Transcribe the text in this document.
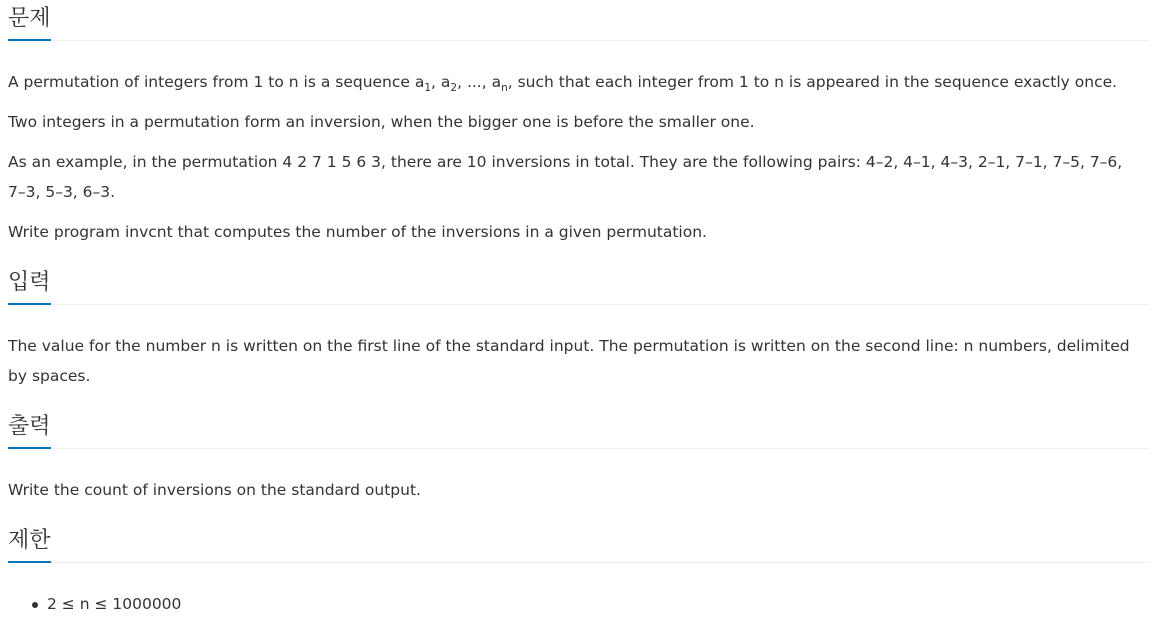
문제

A permutation of integers from 1 to n is a sequence $a_1$, $a_2$, ..., $a_n$, such that each integer from 1 to n is appeared in the sequence exactly once.

Two integers in a permutation form an inversion, when the bigger one is before the smaller one.

As an example, in the permutation 4 2 7 1 5 6 3, there are 10 inversions in total. They are the following pairs: 4–2, 4–1, 4–3, 2–1, 7–1, 7–5, 7–6, 7–3, 5–3, 6–3.

Write program invcnt that computes the number of the inversions in a given permutation.

입력

The value for the number n is written on the first line of the standard input. The permutation is written on the second line: n numbers, delimited by spaces.

출력

Write the count of inversions on the standard output.

제한
2 ≤ n ≤ 1000000
